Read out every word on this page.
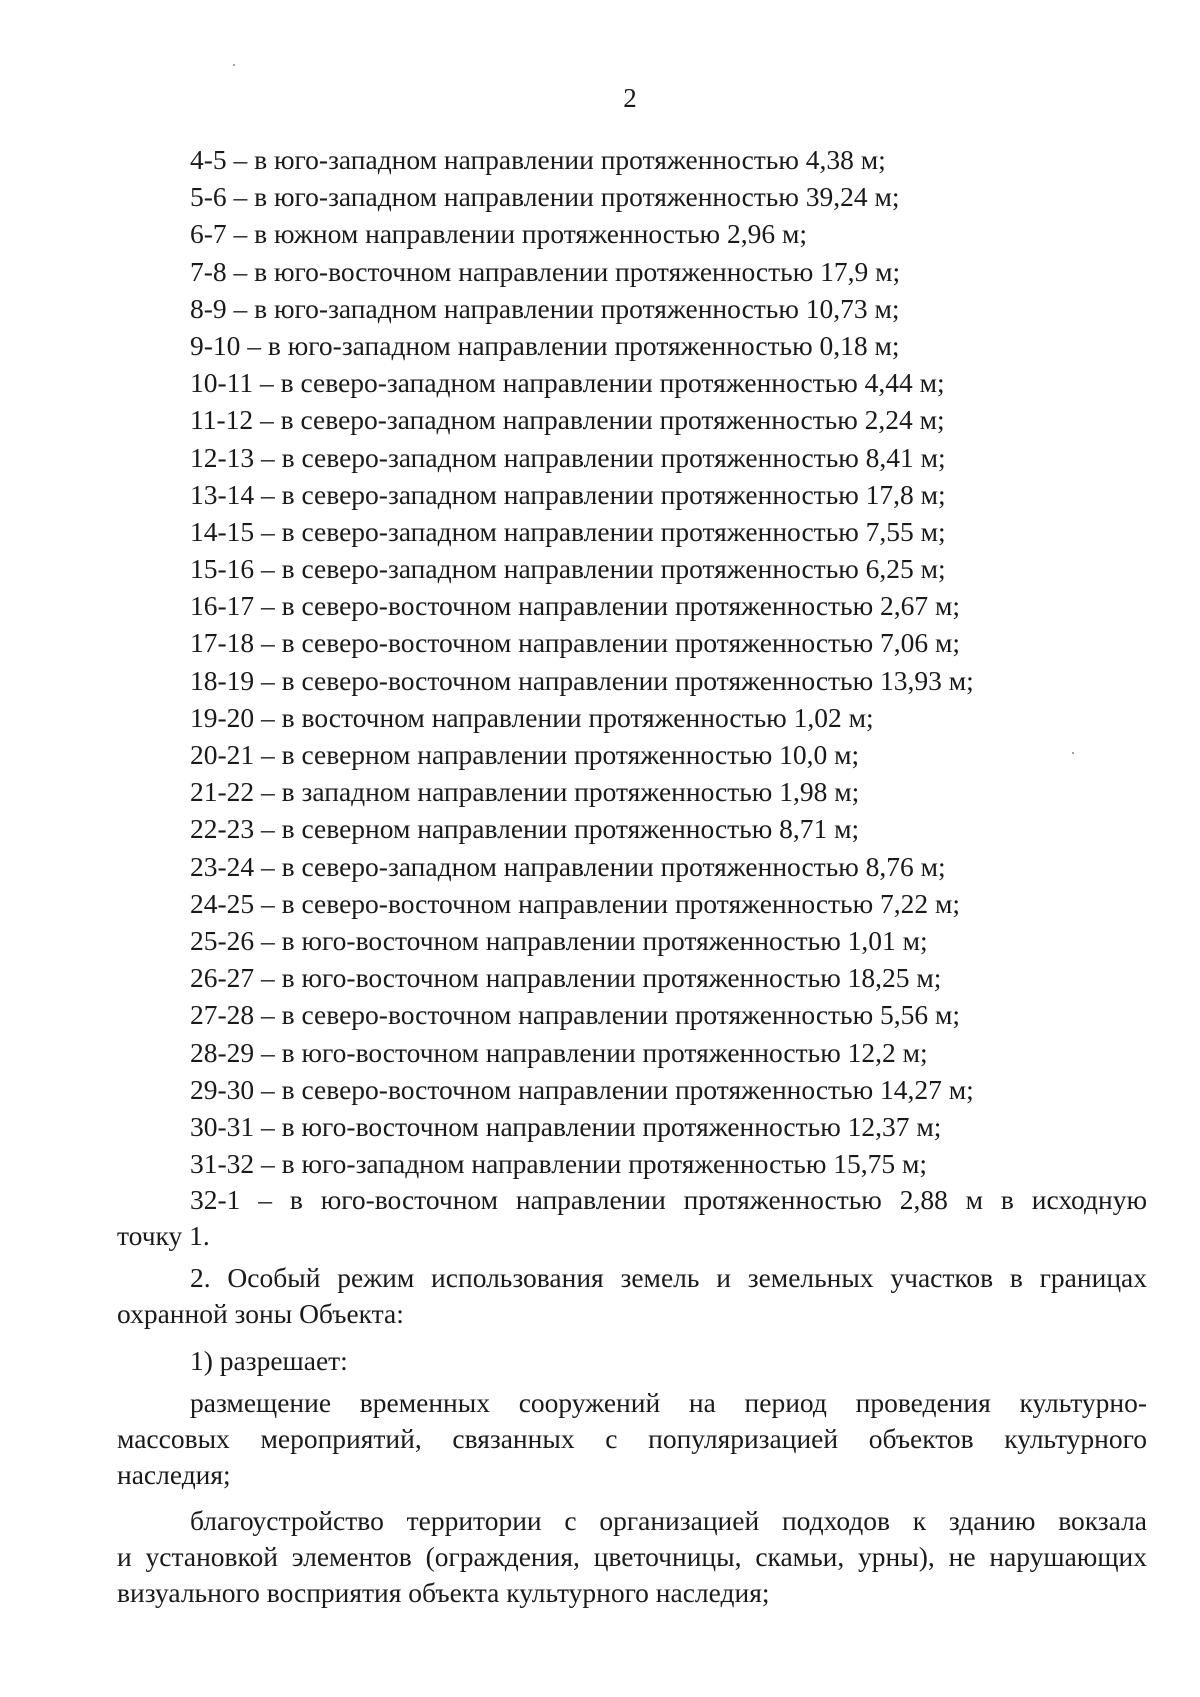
2
4-5 – в юго-западном направлении протяженностью 4,38 м;
5-6 – в юго-западном направлении протяженностью 39,24 м;
6-7 – в южном направлении протяженностью 2,96 м;
7-8 – в юго-восточном направлении протяженностью 17,9 м;
8-9 – в юго-западном направлении протяженностью 10,73 м;
9-10 – в юго-западном направлении протяженностью 0,18 м;
10-11 – в северо-западном направлении протяженностью 4,44 м;
11-12 – в северо-западном направлении протяженностью 2,24 м;
12-13 – в северо-западном направлении протяженностью 8,41 м;
13-14 – в северо-западном направлении протяженностью 17,8 м;
14-15 – в северо-западном направлении протяженностью 7,55 м;
15-16 – в северо-западном направлении протяженностью 6,25 м;
16-17 – в северо-восточном направлении протяженностью 2,67 м;
17-18 – в северо-восточном направлении протяженностью 7,06 м;
18-19 – в северо-восточном направлении протяженностью 13,93 м;
19-20 – в восточном направлении протяженностью 1,02 м;
20-21 – в северном направлении протяженностью 10,0 м;
21-22 – в западном направлении протяженностью 1,98 м;
22-23 – в северном направлении протяженностью 8,71 м;
23-24 – в северо-западном направлении протяженностью 8,76 м;
24-25 – в северо-восточном направлении протяженностью 7,22 м;
25-26 – в юго-восточном направлении протяженностью 1,01 м;
26-27 – в юго-восточном направлении протяженностью 18,25 м;
27-28 – в северо-восточном направлении протяженностью 5,56 м;
28-29 – в юго-восточном направлении протяженностью 12,2 м;
29-30 – в северо-восточном направлении протяженностью 14,27 м;
30-31 – в юго-восточном направлении протяженностью 12,37 м;
31-32 – в юго-западном направлении протяженностью 15,75 м;
32-1 – в юго-восточном направлении протяженностью 2,88 м в исходную
точку 1.
2. Особый режим использования земель и земельных участков в границах
охранной зоны Объекта:
1) разрешает:
размещение временных сооружений на период проведения культурно-
массовых мероприятий, связанных с популяризацией объектов культурного
наследия;
благоустройство территории с организацией подходов к зданию вокзала
и установкой элементов (ограждения, цветочницы, скамьи, урны), не нарушающих
визуального восприятия объекта культурного наследия;
